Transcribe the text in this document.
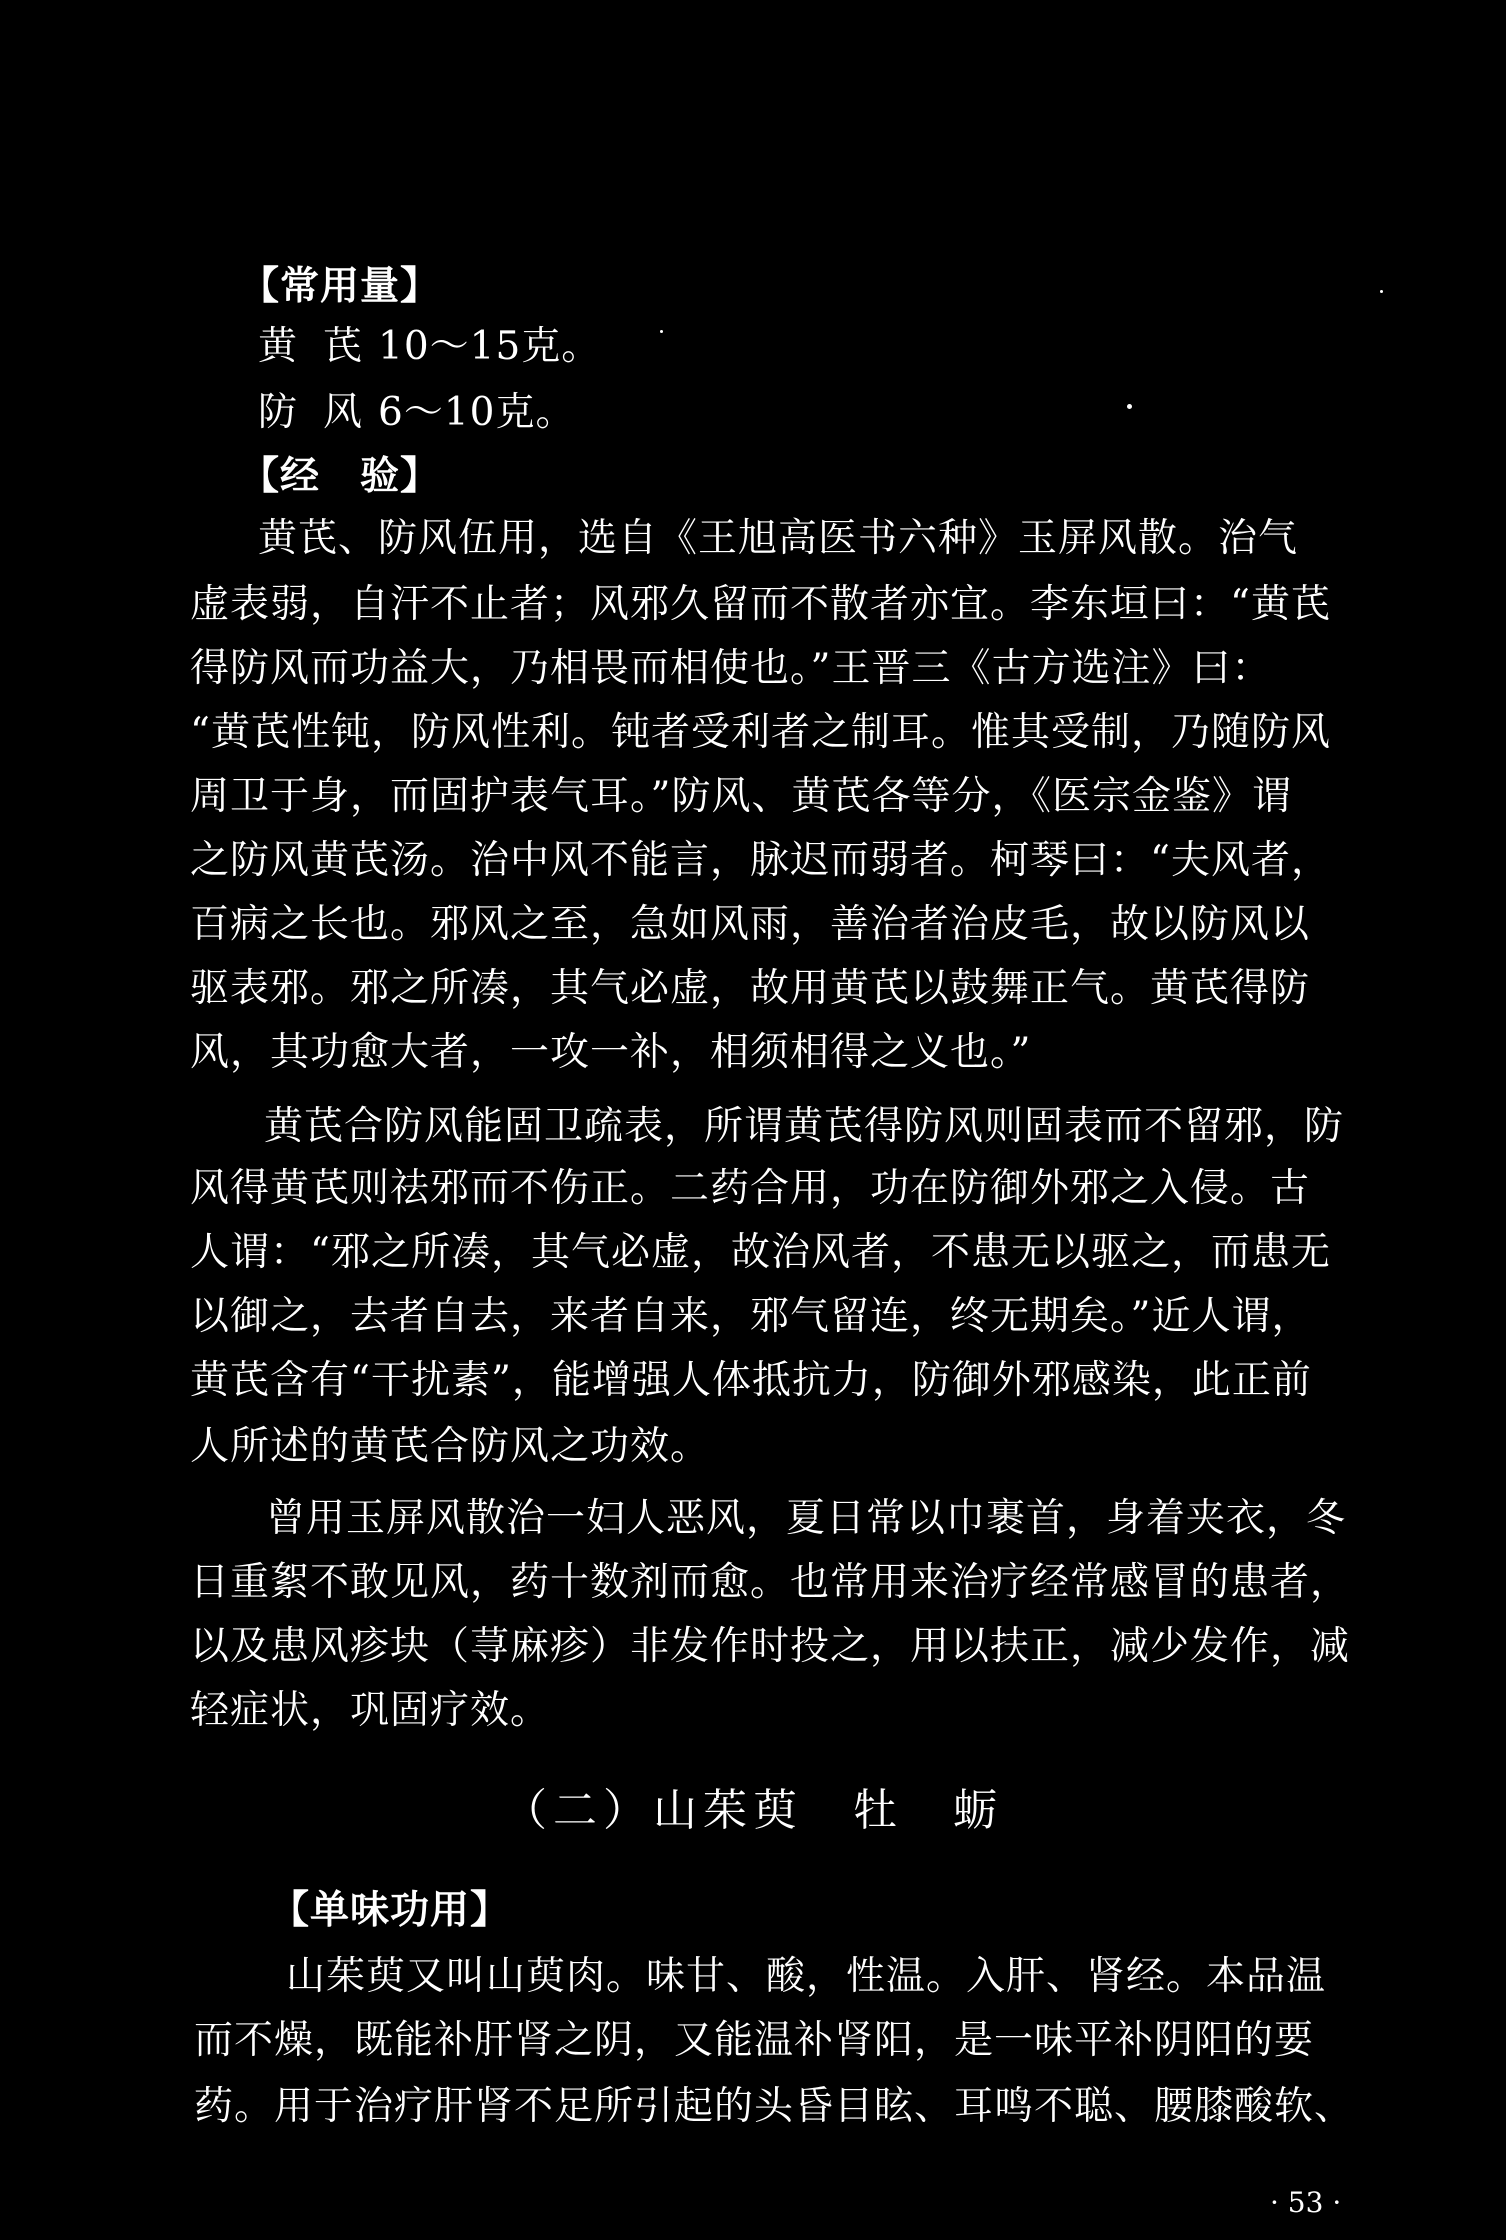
【常用量】
黄芪10～15克。
防风6～10克。
【经　验】
黄芪、防风伍用，选自《王旭高医书六种》玉屏风散。治气
虚表弱，自汗不止者；风邪久留而不散者亦宜。李东垣曰：“黄芪
得防风而功益大，乃相畏而相使也。”王晋三《古方选注》曰：
“黄芪性钝，防风性利。钝者受利者之制耳。惟其受制，乃随防风
周卫于身，而固护表气耳。”防风、黄芪各等分，《医宗金鉴》谓
之防风黄芪汤。治中风不能言，脉迟而弱者。柯琴曰：“夫风者，
百病之长也。邪风之至，急如风雨，善治者治皮毛，故以防风以
驱表邪。邪之所凑，其气必虚，故用黄芪以鼓舞正气。黄芪得防
风，其功愈大者，一攻一补，相须相得之义也。”
黄芪合防风能固卫疏表，所谓黄芪得防风则固表而不留邪，防
风得黄芪则祛邪而不伤正。二药合用，功在防御外邪之入侵。古
人谓：“邪之所凑，其气必虚，故治风者，不患无以驱之，而患无
以御之，去者自去，来者自来，邪气留连，终无期矣。”近人谓，
黄芪含有“干扰素”，能增强人体抵抗力，防御外邪感染，此正前
人所述的黄芪合防风之功效。
曾用玉屏风散治一妇人恶风，夏日常以巾裹首，身着夹衣，冬
日重絮不敢见风，药十数剂而愈。也常用来治疗经常感冒的患者，
以及患风疹块（荨麻疹）非发作时投之，用以扶正，减少发作，减
轻症状，巩固疗效。
（二）山茱萸　牡　蛎
【单味功用】
山茱萸又叫山萸肉。味甘、酸，性温。入肝、肾经。本品温
而不燥，既能补肝肾之阴，又能温补肾阳，是一味平补阴阳的要
药。用于治疗肝肾不足所引起的头昏目眩、耳鸣不聪、腰膝酸软、
· 53 ·
